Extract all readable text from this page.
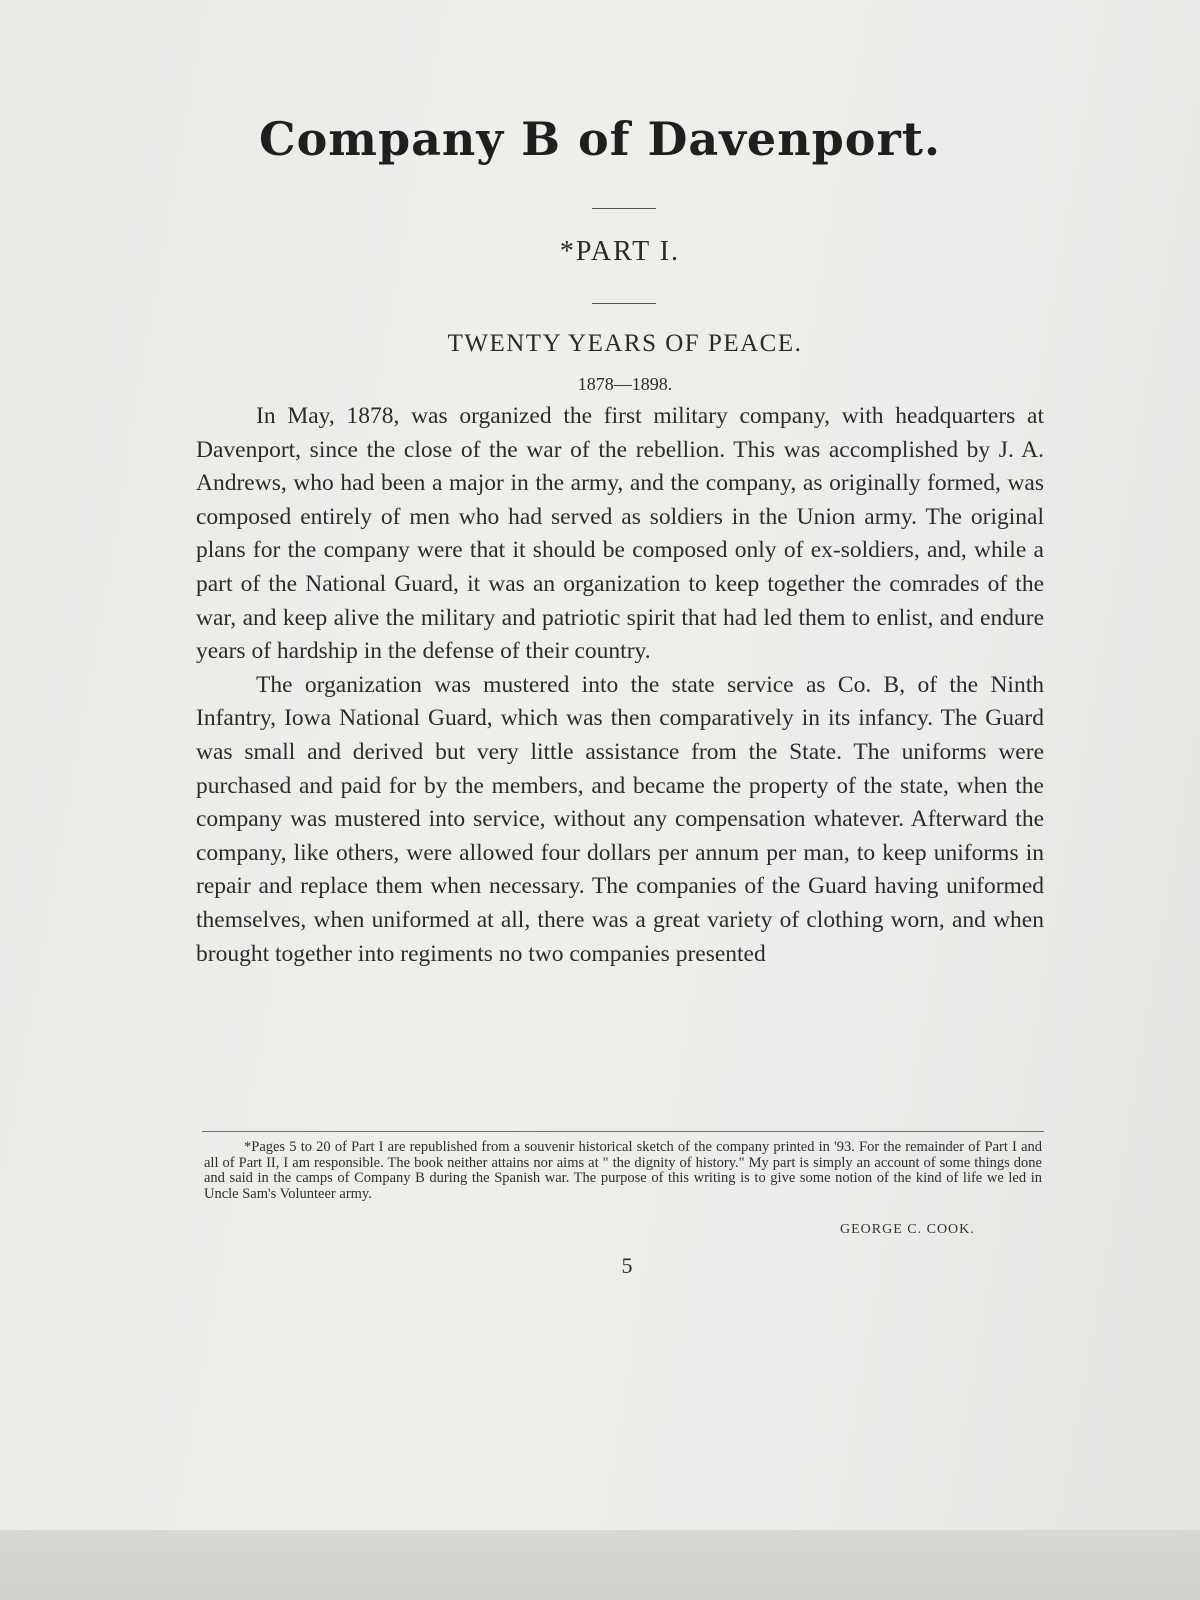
Company B of Davenport.
*PART I.
TWENTY YEARS OF PEACE.
1878—1898.

In May, 1878, was organized the first military company, with headquarters at Davenport, since the close of the war of the rebellion. This was accomplished by J. A. Andrews, who had been a major in the army, and the company, as originally formed, was composed entirely of men who had served as soldiers in the Union army. The original plans for the company were that it should be composed only of ex-soldiers, and, while a part of the National Guard, it was an organization to keep together the comrades of the war, and keep alive the military and patriotic spirit that had led them to enlist, and endure years of hardship in the defense of their country.

The organization was mustered into the state service as Co. B, of the Ninth Infantry, Iowa National Guard, which was then comparatively in its infancy. The Guard was small and derived but very little assistance from the State. The uniforms were purchased and paid for by the members, and became the property of the state, when the company was mustered into service, without any compensation whatever. Afterward the company, like others, were allowed four dollars per annum per man, to keep uniforms in repair and replace them when necessary. The companies of the Guard having uniformed themselves, when uniformed at all, there was a great variety of clothing worn, and when brought together into regiments no two companies presented

*Pages 5 to 20 of Part I are republished from a souvenir historical sketch of the company printed in '93. For the remainder of Part I and all of Part II, I am responsible. The book neither attains nor aims at " the dignity of history." My part is simply an account of some things done and said in the camps of Company B during the Spanish war. The purpose of this writing is to give some notion of the kind of life we led in Uncle Sam's Volunteer army.

GEORGE C. COOK.
5
